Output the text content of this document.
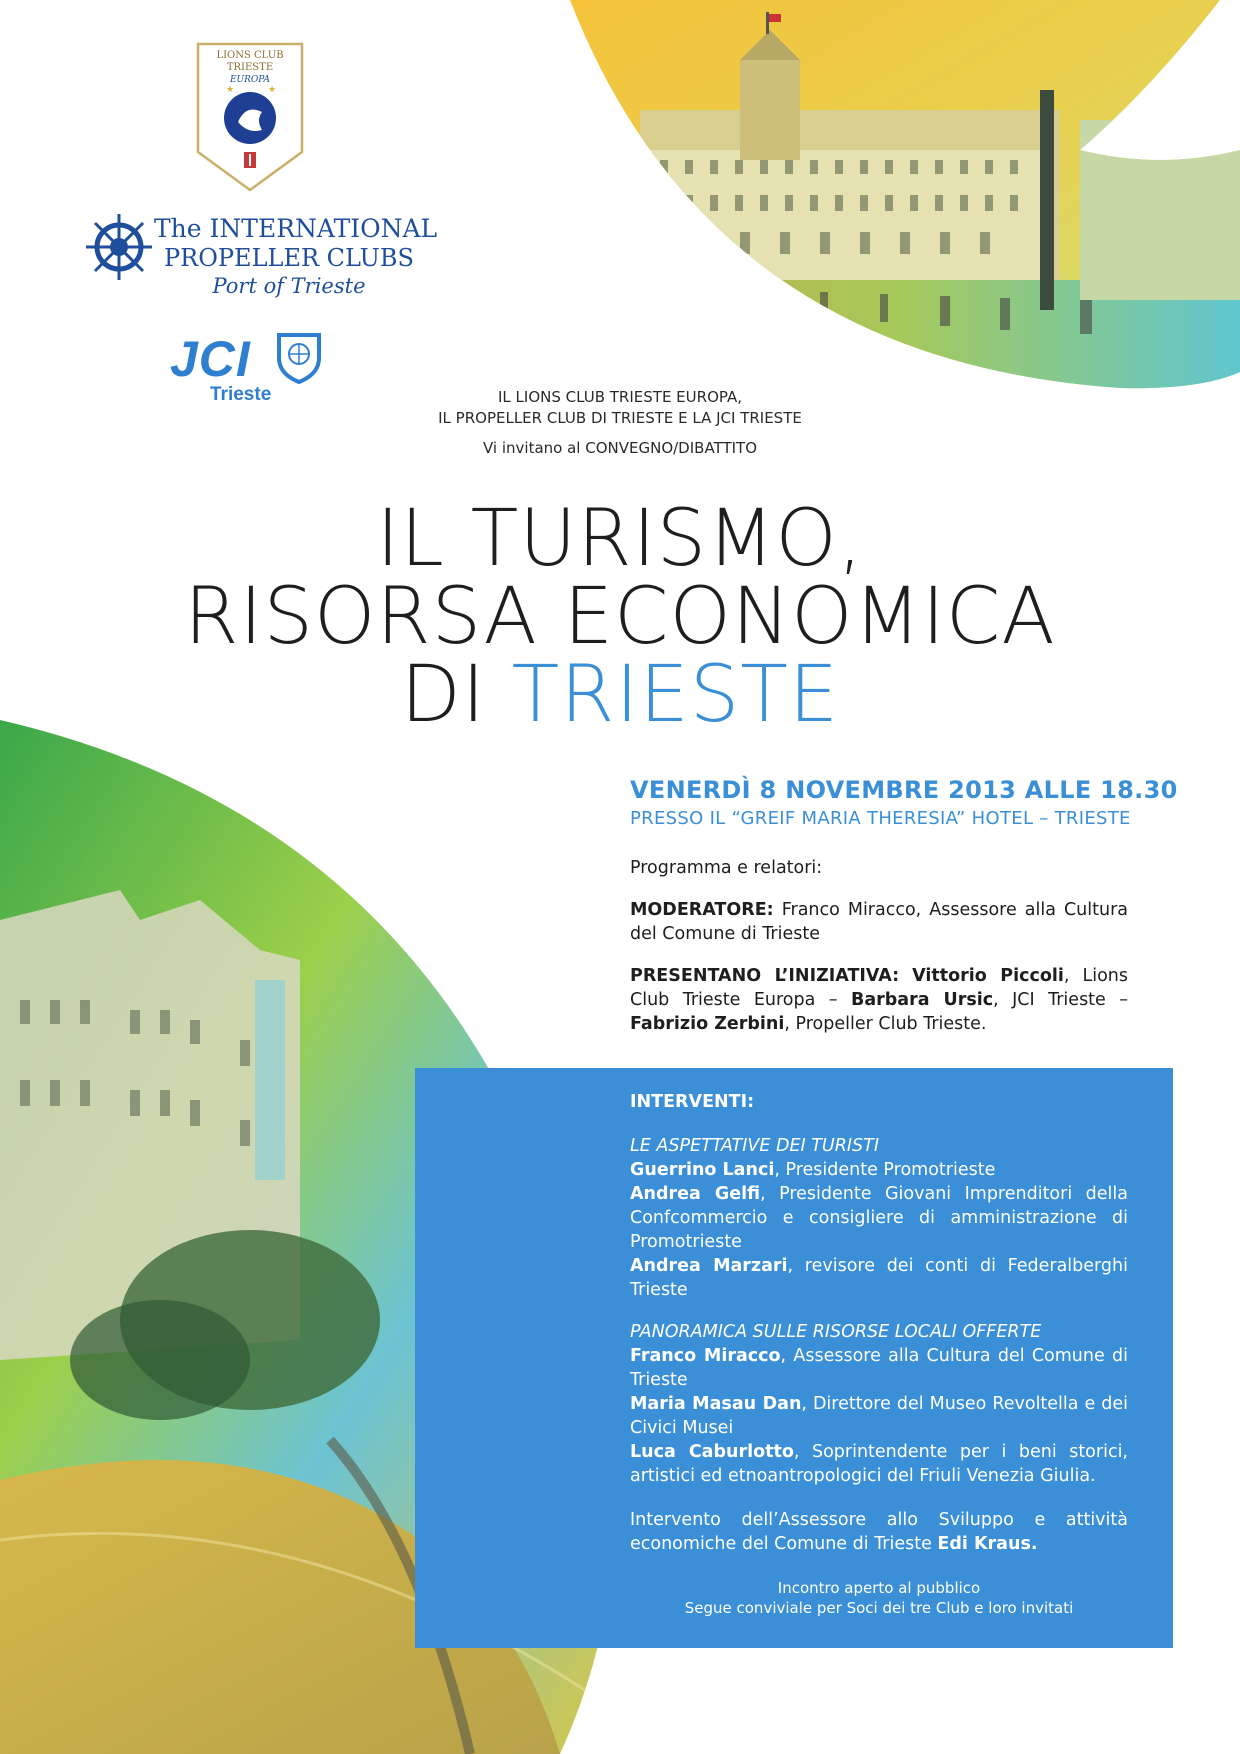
LIONS CLUB
TRIESTE
EUROPA
★	★
The INTERNATIONAL
PROPELLER CLUBS
Port of Trieste
JCI
Trieste	IL LIONS CLUB TRIESTE EUROPA,
IL PROPELLER CLUB DI TRIESTE E LA JCI TRIESTE
Vi invitano al CONVEGNO/DIBATTITO
IL TURISMO,
RISORSA ECONOMICA
DI TRIESTE
VENERDÌ 8 NOVEMBRE 2013 ALLE 18.30
PRESSO IL “GREIF MARIA THERESIA” HOTEL – TRIESTE
Programma e relatori:
MODERATORE: Franco Miracco, Assessore alla Cultura del Comune di Trieste
PRESENTANO L’INIZIATIVA: Vittorio Piccoli, Lions Club Trieste Europa – Barbara Ursic, JCI Trieste – Fabrizio Zerbini, Propeller Club Trieste.
INTERVENTI:
LE ASPETTATIVE DEI TURISTI
Guerrino Lanci, Presidente Promotrieste
Andrea Gelfi, Presidente Giovani Imprenditori della Confcommercio e consigliere di amministrazione di Promotrieste
Andrea Marzari, revisore dei conti di Federalberghi Trieste
PANORAMICA SULLE RISORSE LOCALI OFFERTE
Franco Miracco, Assessore alla Cultura del Comune di Trieste
Maria Masau Dan, Direttore del Museo Revoltella e dei Civici Musei
Luca Caburlotto, Soprintendente per i beni storici, artistici ed etnoantropologici del Friuli Venezia Giulia.
Intervento dell’Assessore allo Sviluppo e attività economiche del Comune di Trieste Edi Kraus.
Incontro aperto al pubblico
Segue conviviale per Soci dei tre Club e loro invitati
